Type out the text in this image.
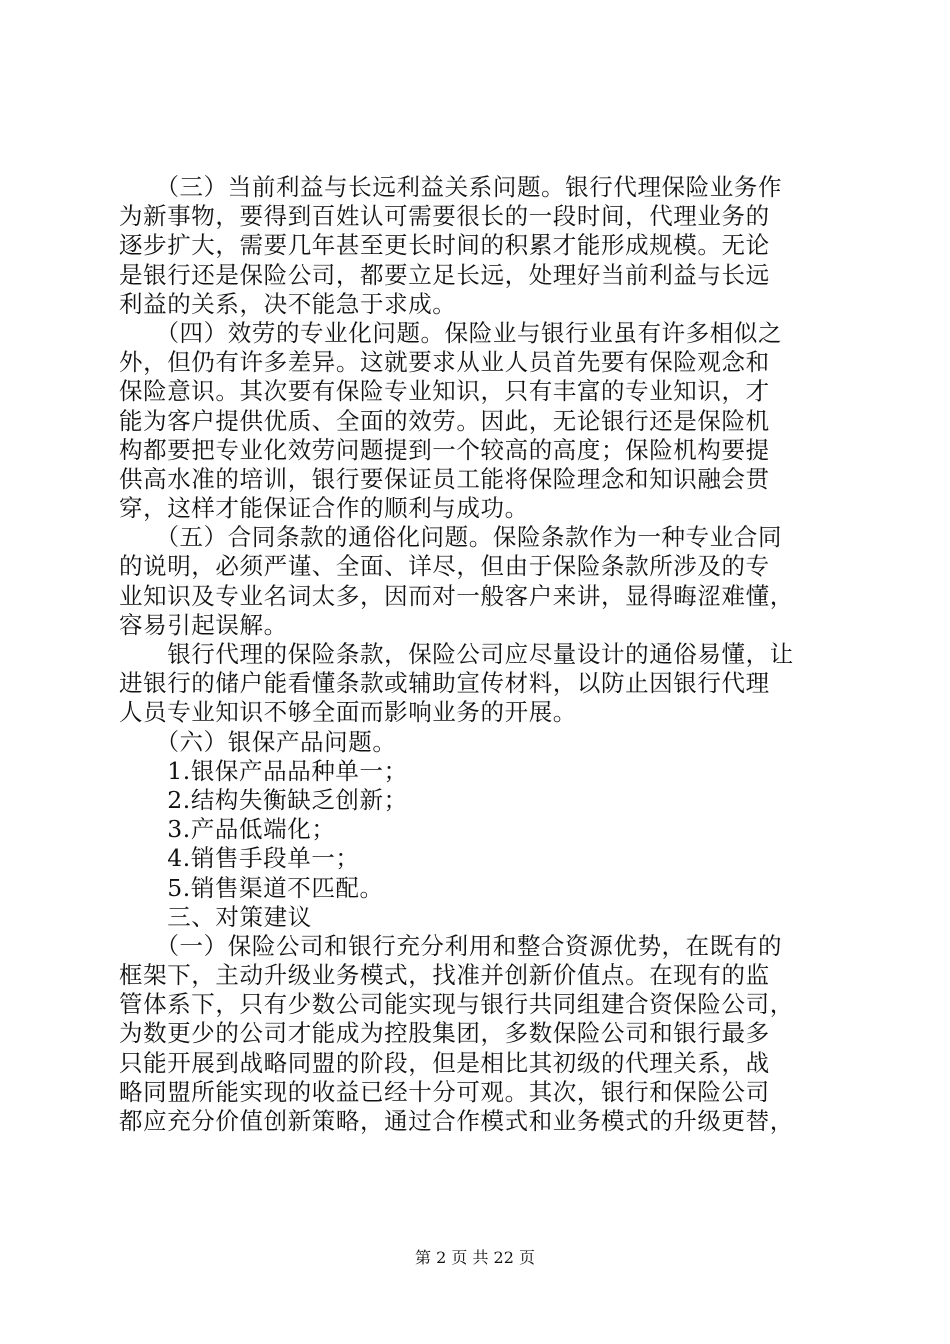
　　（三）当前利益与长远利益关系问题。银行代理保险业务作
为新事物，要得到百姓认可需要很长的一段时间，代理业务的
逐步扩大，需要几年甚至更长时间的积累才能形成规模。无论
是银行还是保险公司，都要立足长远，处理好当前利益与长远
利益的关系，决不能急于求成。
　　（四）效劳的专业化问题。保险业与银行业虽有许多相似之
外，但仍有许多差异。这就要求从业人员首先要有保险观念和
保险意识。其次要有保险专业知识，只有丰富的专业知识，才
能为客户提供优质、全面的效劳。因此，无论银行还是保险机
构都要把专业化效劳问题提到一个较高的高度；保险机构要提
供高水准的培训，银行要保证员工能将保险理念和知识融会贯
穿，这样才能保证合作的顺利与成功。
　　（五）合同条款的通俗化问题。保险条款作为一种专业合同
的说明，必须严谨、全面、详尽，但由于保险条款所涉及的专
业知识及专业名词太多，因而对一般客户来讲，显得晦涩难懂，
容易引起误解。
　　银行代理的保险条款，保险公司应尽量设计的通俗易懂，让
进银行的储户能看懂条款或辅助宣传材料，以防止因银行代理
人员专业知识不够全面而影响业务的开展。
　　（六）银保产品问题。
　　1.银保产品品种单一；
　　2.结构失衡缺乏创新；
　　3.产品低端化；
　　4.销售手段单一；
　　5.销售渠道不匹配。
　　三、对策建议
　　（一）保险公司和银行充分利用和整合资源优势，在既有的
框架下，主动升级业务模式，找准并创新价值点。在现有的监
管体系下，只有少数公司能实现与银行共同组建合资保险公司，
为数更少的公司才能成为控股集团，多数保险公司和银行最多
只能开展到战略同盟的阶段，但是相比其初级的代理关系，战
略同盟所能实现的收益已经十分可观。其次，银行和保险公司
都应充分价值创新策略，通过合作模式和业务模式的升级更替，
第 2 页 共 22 页
